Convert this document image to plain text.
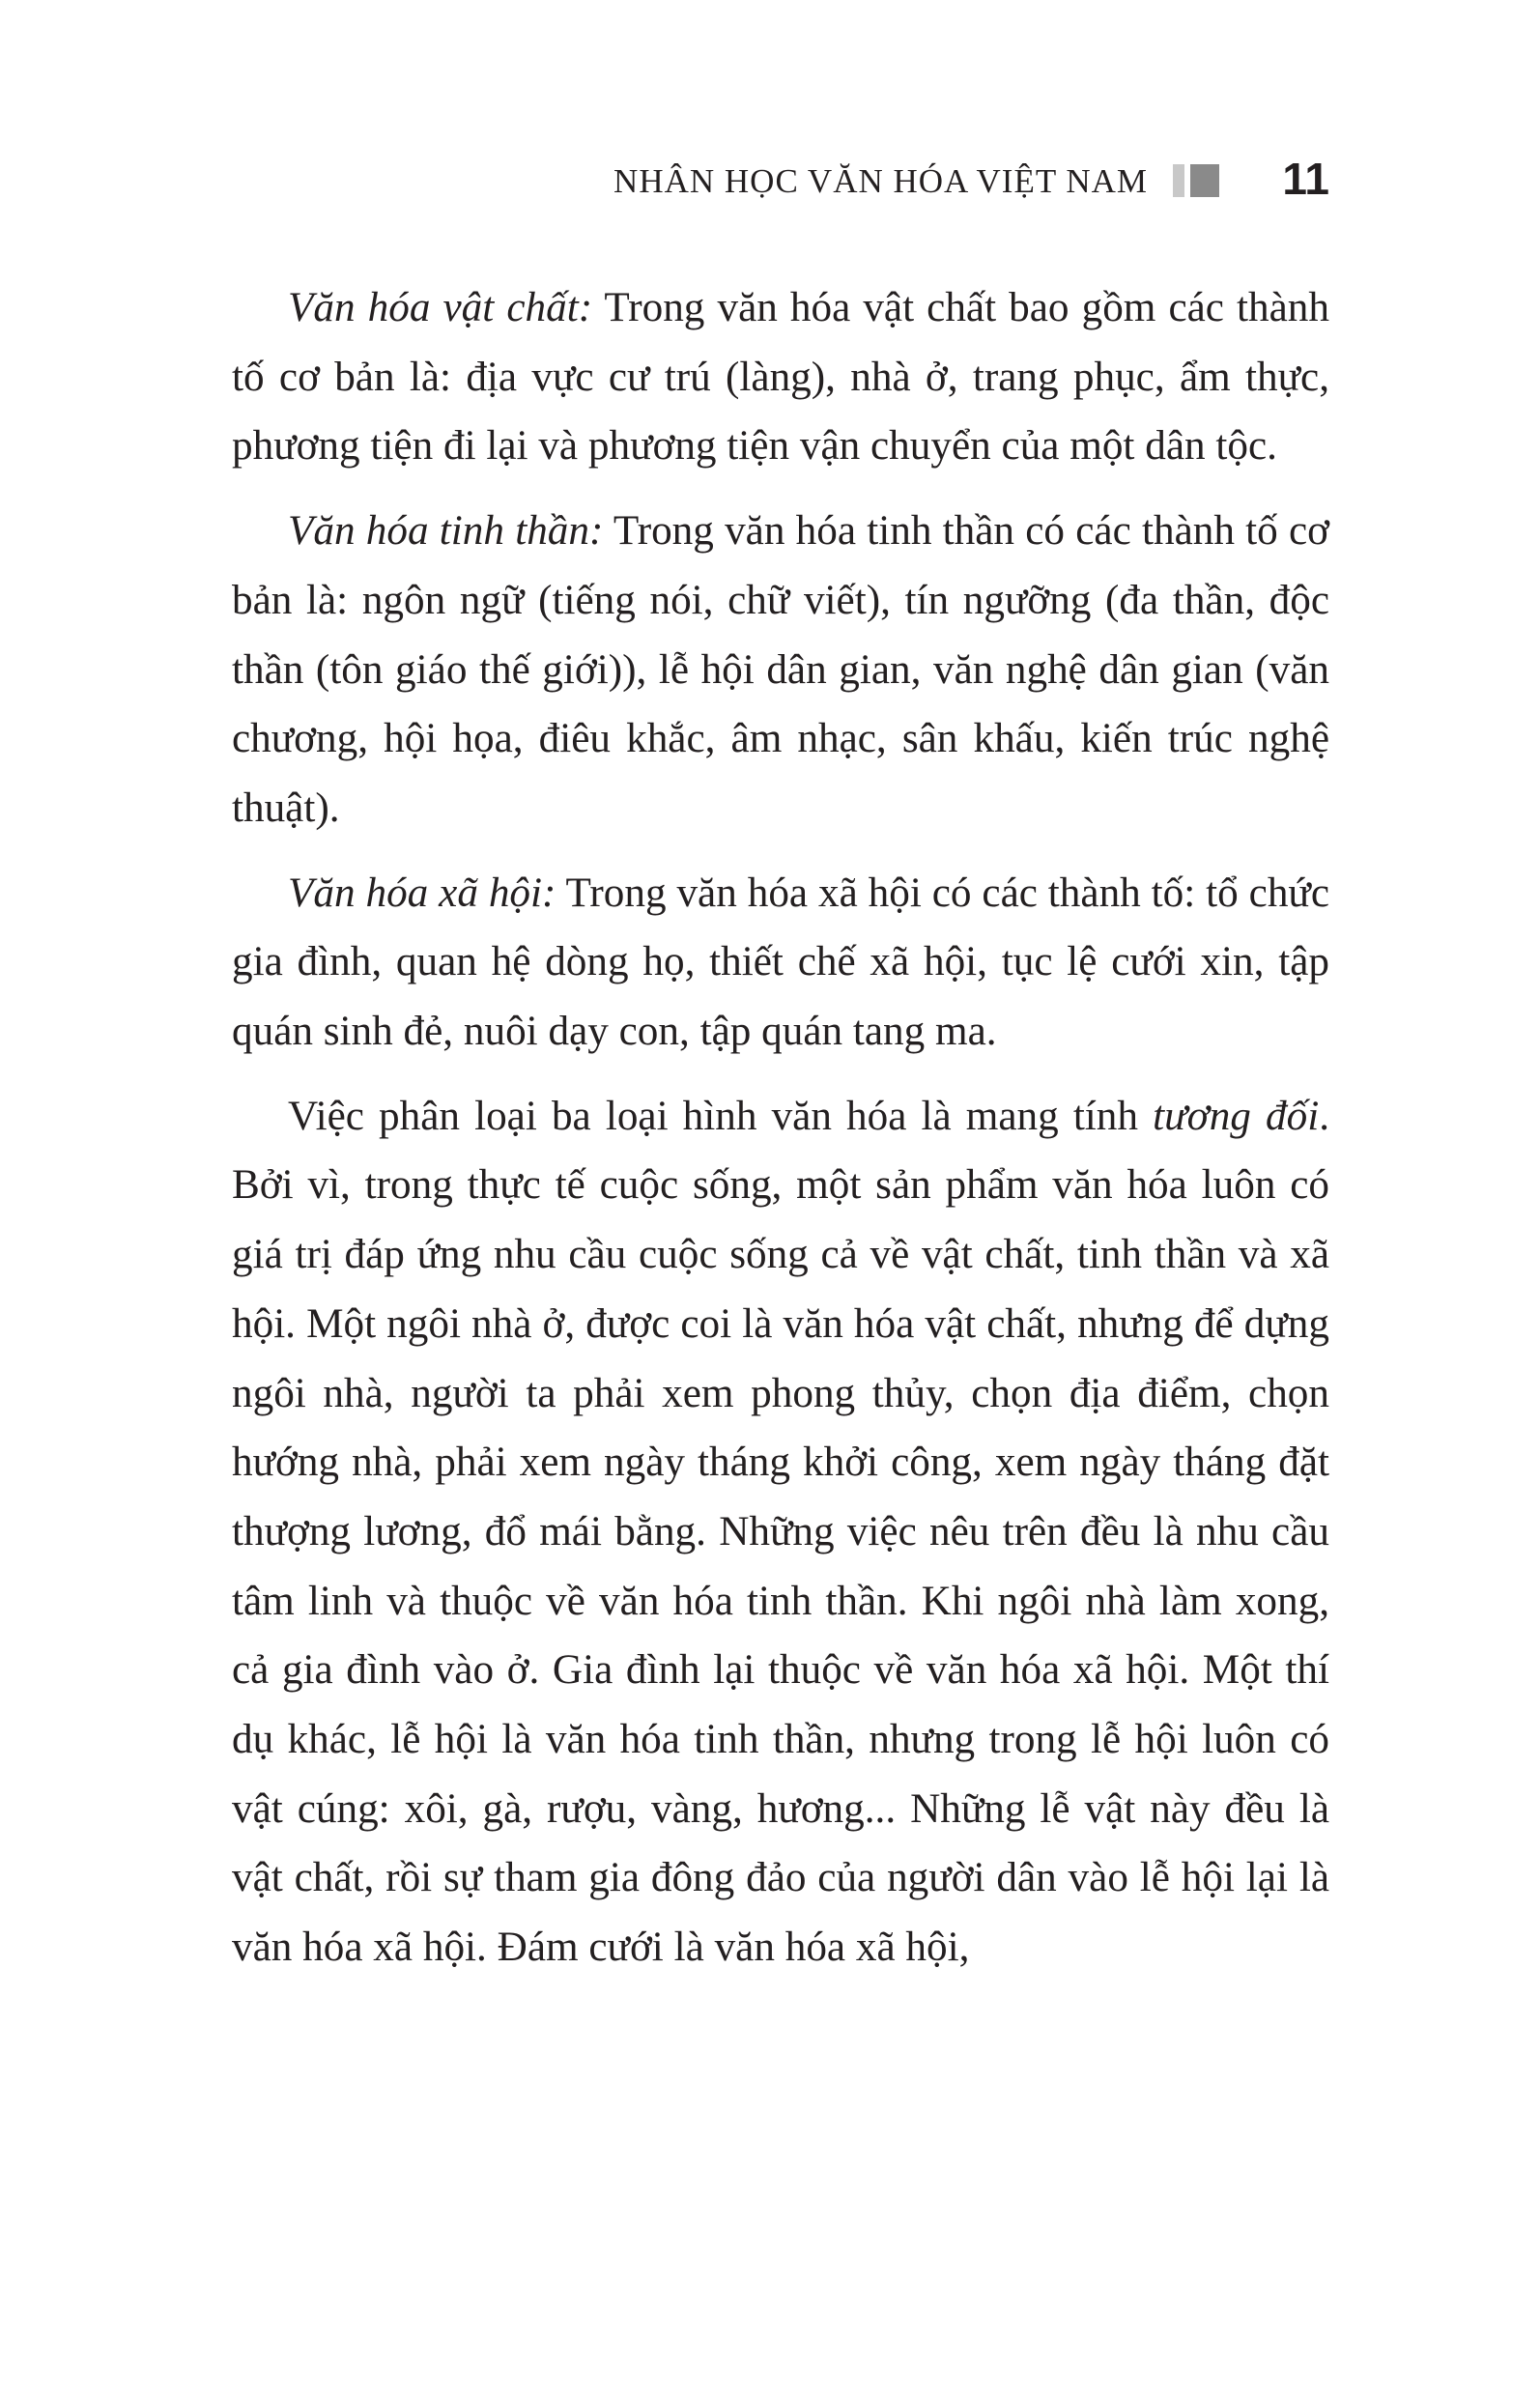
NHÂN HỌC VĂN HÓA VIỆT NAM	11

Văn hóa vật chất: Trong văn hóa vật chất bao gồm các thành tố cơ bản là: địa vực cư trú (làng), nhà ở, trang phục, ẩm thực, phương tiện đi lại và phương tiện vận chuyển của một dân tộc.

Văn hóa tinh thần: Trong văn hóa tinh thần có các thành tố cơ bản là: ngôn ngữ (tiếng nói, chữ viết), tín ngưỡng (đa thần, độc thần (tôn giáo thế giới)), lễ hội dân gian, văn nghệ dân gian (văn chương, hội họa, điêu khắc, âm nhạc, sân khấu, kiến trúc nghệ thuật).

Văn hóa xã hội: Trong văn hóa xã hội có các thành tố: tổ chức gia đình, quan hệ dòng họ, thiết chế xã hội, tục lệ cưới xin, tập quán sinh đẻ, nuôi dạy con, tập quán tang ma.

Việc phân loại ba loại hình văn hóa là mang tính tương đối. Bởi vì, trong thực tế cuộc sống, một sản phẩm văn hóa luôn có giá trị đáp ứng nhu cầu cuộc sống cả về vật chất, tinh thần và xã hội. Một ngôi nhà ở, được coi là văn hóa vật chất, nhưng để dựng ngôi nhà, người ta phải xem phong thủy, chọn địa điểm, chọn hướng nhà, phải xem ngày tháng khởi công, xem ngày tháng đặt thượng lương, đổ mái bằng. Những việc nêu trên đều là nhu cầu tâm linh và thuộc về văn hóa tinh thần. Khi ngôi nhà làm xong, cả gia đình vào ở. Gia đình lại thuộc về văn hóa xã hội. Một thí dụ khác, lễ hội là văn hóa tinh thần, nhưng trong lễ hội luôn có vật cúng: xôi, gà, rượu, vàng, hương... Những lễ vật này đều là vật chất, rồi sự tham gia đông đảo của người dân vào lễ hội lại là văn hóa xã hội. Đám cưới là văn hóa xã hội,
